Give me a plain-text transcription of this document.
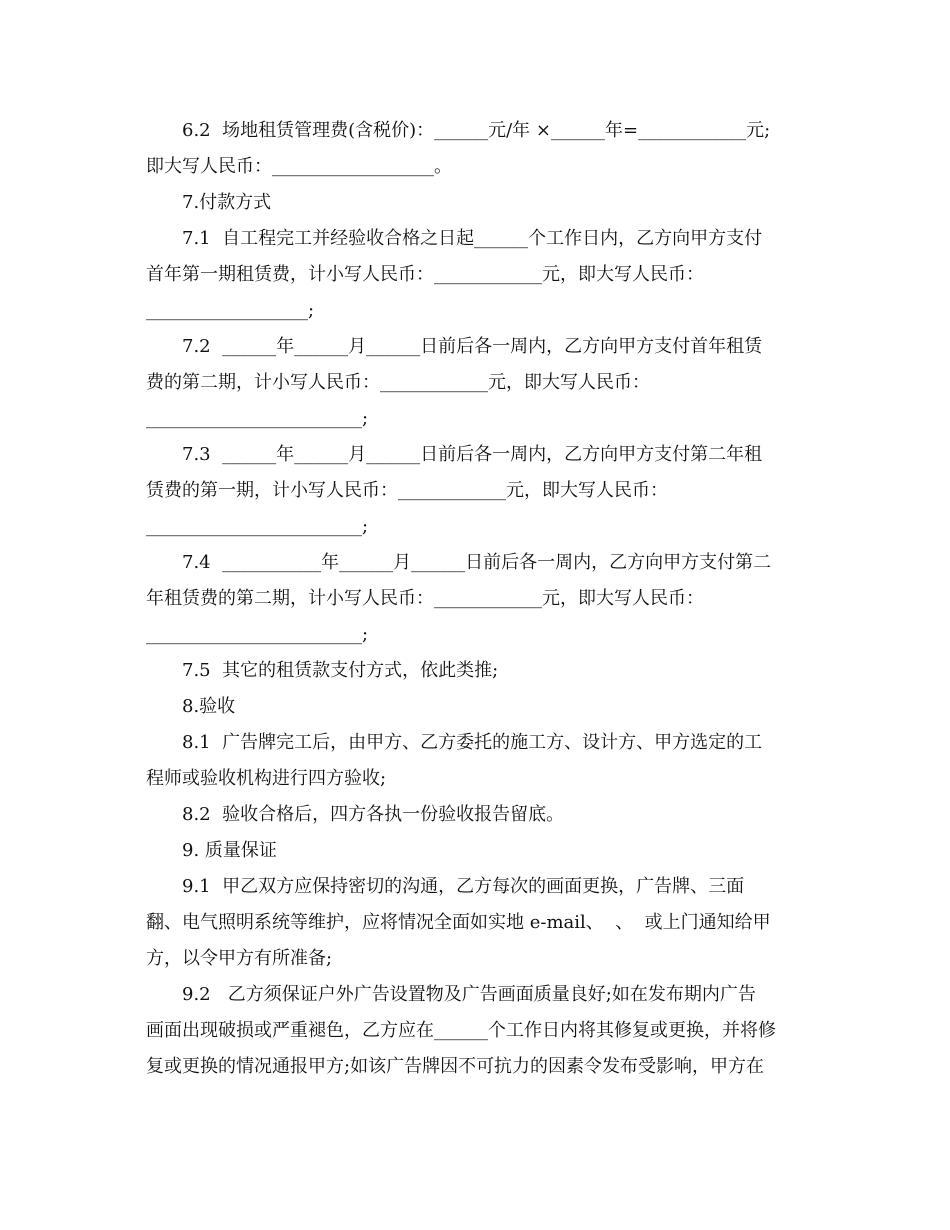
6.2  场地租赁管理费(含税价)：______元/年 ×______年=____________元;

即大写人民币：__________________。

7.付款方式

7.1  自工程完工并经验收合格之日起______个工作日内，乙方向甲方支付

首年第一期租赁费，计小写人民币：____________元，即大写人民币：

__________________;

7.2  ______年______月______日前后各一周内，乙方向甲方支付首年租赁

费的第二期，计小写人民币：____________元，即大写人民币：

________________________;

7.3  ______年______月______日前后各一周内，乙方向甲方支付第二年租

赁费的第一期，计小写人民币：____________元，即大写人民币：

________________________;

7.4  ___________年______月______日前后各一周内，乙方向甲方支付第二

年租赁费的第二期，计小写人民币：____________元，即大写人民币：

________________________;

7.5  其它的租赁款支付方式，依此类推;

8.验收

8.1  广告牌完工后，由甲方、乙方委托的施工方、设计方、甲方选定的工

程师或验收机构进行四方验收;

8.2  验收合格后，四方各执一份验收报告留底。

9. 质量保证

9.1  甲乙双方应保持密切的沟通，乙方每次的画面更换，广告牌、三面

翻、电气照明系统等维护，应将情况全面如实地 e-mail、  、  或上门通知给甲

方，以令甲方有所准备;

9.2   乙方须保证户外广告设置物及广告画面质量良好;如在发布期内广告

画面出现破损或严重褪色，乙方应在______个工作日内将其修复或更换，并将修

复或更换的情况通报甲方;如该广告牌因不可抗力的因素令发布受影响，甲方在
